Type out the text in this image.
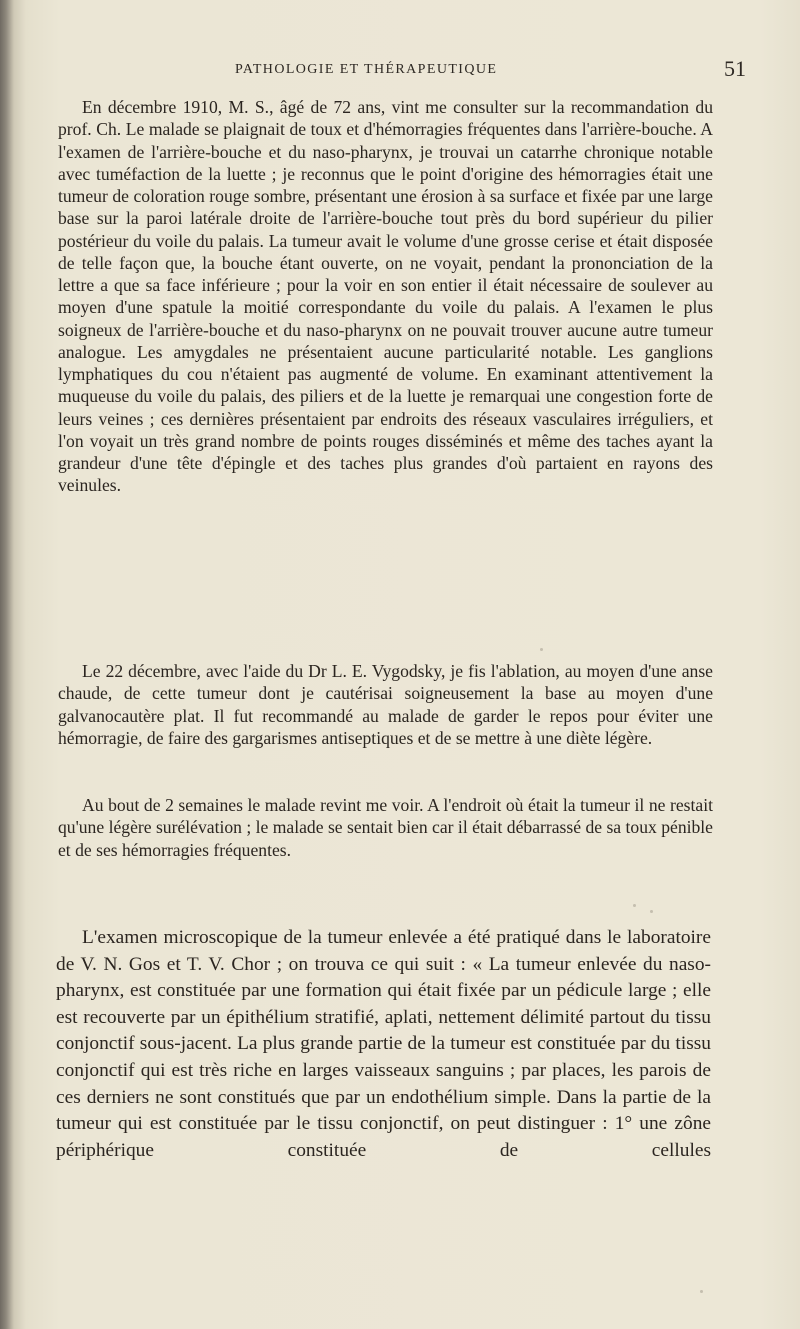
PATHOLOGIE ET THÉRAPEUTIQUE	51

En décembre 1910, M. S., âgé de 72 ans, vint me consulter sur la recommandation du prof. Ch. Le malade se plaignait de toux et d'hémorragies fréquentes dans l'arrière-bouche. A l'examen de l'arrière-bouche et du naso-pharynx, je trouvai un catarrhe chronique notable avec tuméfaction de la luette ; je reconnus que le point d'origine des hémorragies était une tumeur de coloration rouge sombre, présentant une érosion à sa surface et fixée par une large base sur la paroi latérale droite de l'arrière-bouche tout près du bord supérieur du pilier postérieur du voile du palais. La tumeur avait le volume d'une grosse cerise et était disposée de telle façon que, la bouche étant ouverte, on ne voyait, pendant la prononciation de la lettre a que sa face inférieure ; pour la voir en son entier il était nécessaire de soulever au moyen d'une spatule la moitié correspondante du voile du palais. A l'examen le plus soigneux de l'arrière-bouche et du naso-pharynx on ne pouvait trouver aucune autre tumeur analogue. Les amygdales ne présentaient aucune particularité notable. Les ganglions lymphatiques du cou n'étaient pas augmenté de volume. En examinant attentivement la muqueuse du voile du palais, des piliers et de la luette je remarquai une congestion forte de leurs veines ; ces dernières présentaient par endroits des réseaux vasculaires irréguliers, et l'on voyait un très grand nombre de points rouges disséminés et même des taches ayant la grandeur d'une tête d'épingle et des taches plus grandes d'où partaient en rayons des veinules.

Le 22 décembre, avec l'aide du Dr L. E. Vygodsky, je fis l'ablation, au moyen d'une anse chaude, de cette tumeur dont je cautérisai soigneusement la base au moyen d'une galvanocautère plat. Il fut recommandé au malade de garder le repos pour éviter une hémorragie, de faire des gargarismes antiseptiques et de se mettre à une diète légère.

Au bout de 2 semaines le malade revint me voir. A l'endroit où était la tumeur il ne restait qu'une légère surélévation ; le malade se sentait bien car il était débarrassé de sa toux pénible et de ses hémorragies fréquentes.

L'examen microscopique de la tumeur enlevée a été pratiqué dans le laboratoire de V. N. Gos et T. V. Chor ; on trouva ce qui suit : « La tumeur enlevée du naso-pharynx, est constituée par une formation qui était fixée par un pédicule large ; elle est recouverte par un épithélium stratifié, aplati, nettement délimité partout du tissu conjonctif sous-jacent. La plus grande partie de la tumeur est constituée par du tissu conjonctif qui est très riche en larges vaisseaux sanguins ; par places, les parois de ces derniers ne sont constitués que par un endothélium simple. Dans la partie de la tumeur qui est constituée par le tissu conjonctif, on peut distinguer : 1° une zône périphérique constituée de cellules
